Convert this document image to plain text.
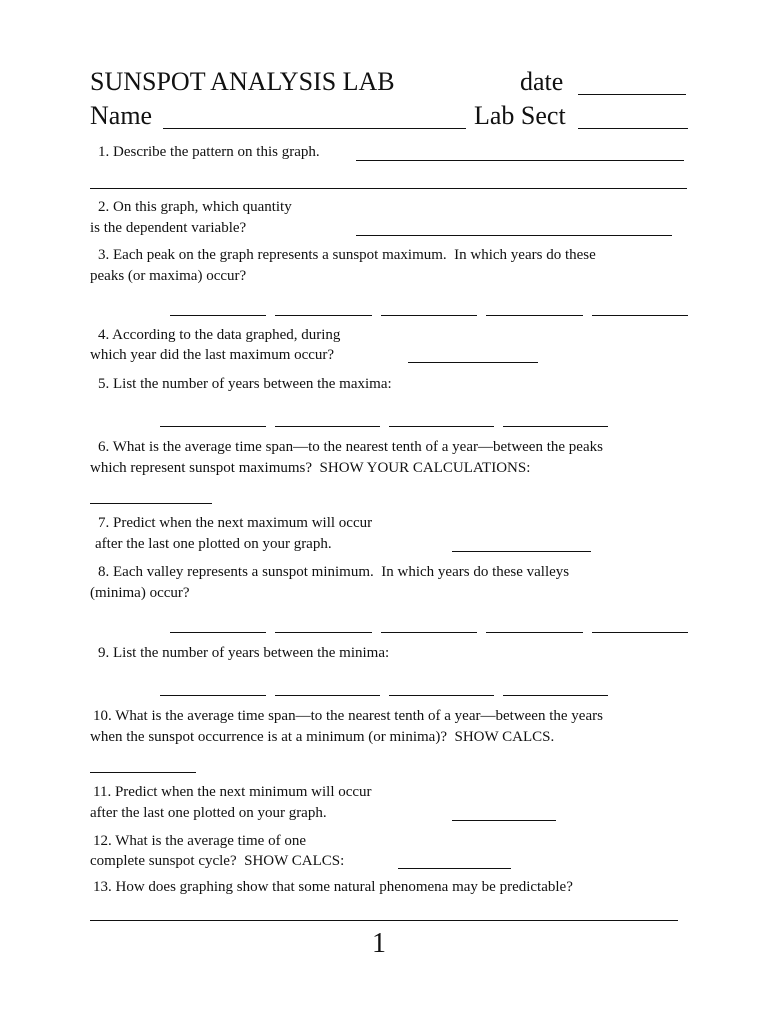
SUNSPOT ANALYSIS LAB	date
Name	Lab Sect
1. Describe the pattern on this graph.
2. On this graph, which quantity
is the dependent variable?
3. Each peak on the graph represents a sunspot maximum.  In which years do these
peaks (or maxima) occur?
4. According to the data graphed, during
which year did the last maximum occur?
5. List the number of years between the maxima:
6. What is the average time span—to the nearest tenth of a year—between the peaks
which represent sunspot maximums?  SHOW YOUR CALCULATIONS:
7. Predict when the next maximum will occur
after the last one plotted on your graph.
8. Each valley represents a sunspot minimum.  In which years do these valleys
(minima) occur?
9. List the number of years between the minima:
10. What is the average time span—to the nearest tenth of a year—between the years
when the sunspot occurrence is at a minimum (or minima)?  SHOW CALCS.
11. Predict when the next minimum will occur
after the last one plotted on your graph.
12. What is the average time of one
complete sunspot cycle?  SHOW CALCS:
13. How does graphing show that some natural phenomena may be predictable?
1
